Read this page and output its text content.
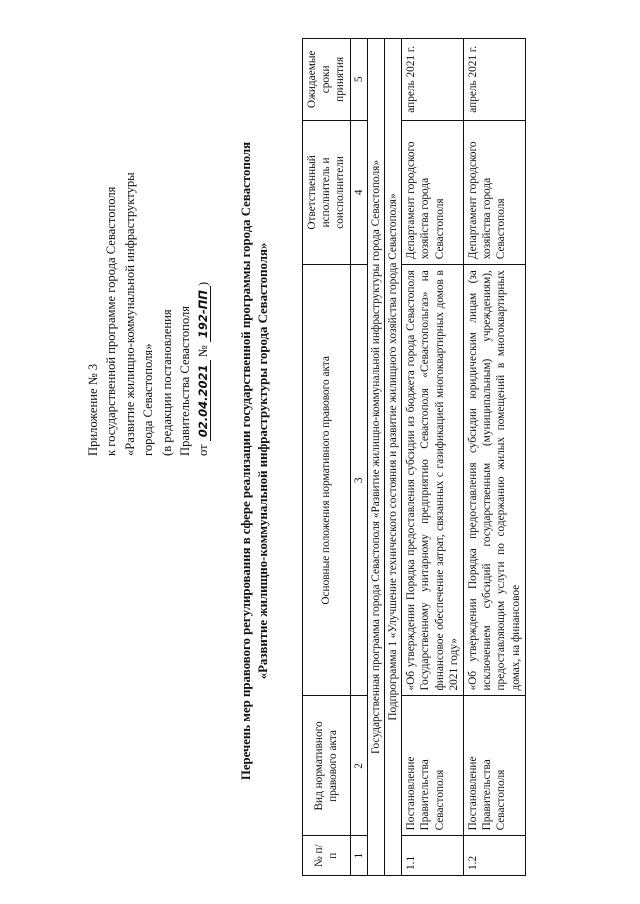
Приложение № 3 к государственной программе города Севастополя «Развитие жилищно-коммунальной инфраструктуры города Севастополя» (в редакции постановления Правительства Севастополя от 02.04.2021 № 192-ПП) Перечень мер правового регулирования в сфере реализации государственной программы города Севастополя «Развитие жилищно-коммунальной инфраструктуры города Севастополя»
№ п/п	Вид нормативного правового акта	Основные положения нормативного правового акта	Ответственный исполнитель и соисполнители	Ожидаемые сроки принятия
1	2	3	4	5
Государственная программа города Севастополя «Развитие жилищно-коммунальной инфраструктуры города Севастополя»				
Подпрограмма 1 «Улучшение технического состояния и развитие жилищного хозяйства города Севастополя»				
1.1	Постановление Правительства Севастополя	«Об утверждении Порядка предоставления субсидии из бюджета города Севастополя Государственному унитарному предприятию Севастополя «Севастопольгаз» на финансовое обеспечение затрат, связанных с газификацией многоквартирных домов в 2021 году»	Департамент городского хозяйства города Севастополя	апрель 2021 г.
1.2	Постановление Правительства Севастополя	«Об утверждении Порядка предоставления субсидии юридическим лицам (за исключением субсидий государственным (муниципальным) учреждениям), предоставляющим услуги по содержанию жилых помещений в многоквартирных домах, на финансовое	Департамент городского хозяйства города Севастополя	апрель 2021 г.
